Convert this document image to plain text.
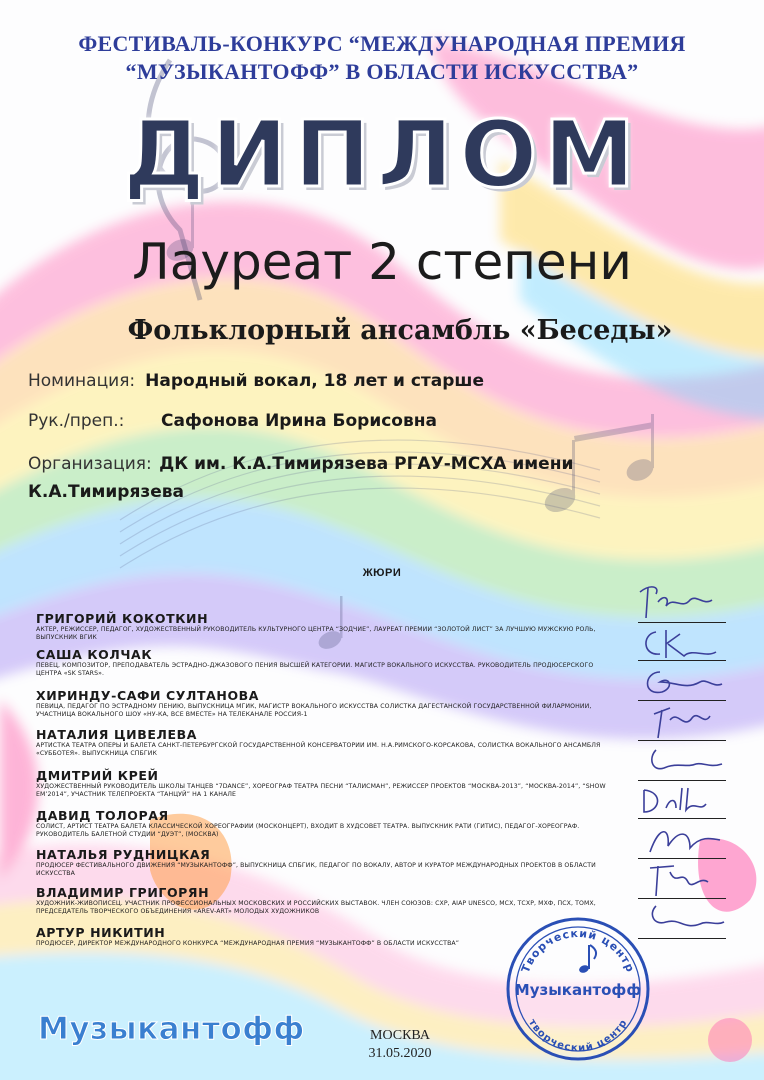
ФЕСТИВАЛЬ-КОНКУРС “МЕЖДУНАРОДНАЯ ПРЕМИЯ
“МУЗЫКАНТОФФ” В ОБЛАСТИ ИСКУССТВА”
ДИПЛОМ
Лауреат 2 степени
Фольклорный ансамбль «Беседы»
Номинация: Народный вокал, 18 лет и старше
Рук./преп.: Сафонова Ирина Борисовна
Организация: ДК им. К.А.Тимирязева РГАУ-МСХА имени
К.А.Тимирязева
ЖЮРИ
ГРИГОРИЙ КОКОТКИН
АКТЕР, РЕЖИССЕР, ПЕДАГОГ, ХУДОЖЕСТВЕННЫЙ РУКОВОДИТЕЛЬ КУЛЬТУРНОГО ЦЕНТРА “ЗОДЧИЕ”, ЛАУРЕАТ ПРЕМИИ “ЗОЛОТОЙ ЛИСТ” ЗА ЛУЧШУЮ МУЖСКУЮ РОЛЬ, ВЫПУСКНИК ВГИК
САША КОЛЧАК
ПЕВЕЦ, КОМПОЗИТОР, ПРЕПОДАВАТЕЛЬ ЭСТРАДНО-ДЖАЗОВОГО ПЕНИЯ ВЫСШЕЙ КАТЕГОРИИ. МАГИСТР ВОКАЛЬНОГО ИСКУССТВА. РУКОВОДИТЕЛЬ ПРОДЮСЕРСКОГО ЦЕНТРА «SK STARS».
ХИРИНДУ-САФИ СУЛТАНОВА
ПЕВИЦА, ПЕДАГОГ ПО ЭСТРАДНОМУ ПЕНИЮ, ВЫПУСКНИЦА МГИК, МАГИСТР ВОКАЛЬНОГО ИСКУССТВА СОЛИСТКА ДАГЕСТАНСКОЙ ГОСУДАРСТВЕННОЙ ФИЛАРМОНИИ, УЧАСТНИЦА ВОКАЛЬНОГО ШОУ «НУ-КА, ВСЕ ВМЕСТЕ» НА ТЕЛЕКАНАЛЕ РОССИЯ-1
НАТАЛИЯ ЦИВЕЛЕВА
АРТИСТКА ТЕАТРА ОПЕРЫ И БАЛЕТА САНКТ-ПЕТЕРБУРГСКОЙ ГОСУДАРСТВЕННОЙ КОНСЕРВАТОРИИ ИМ. Н.А.РИМСКОГО-КОРСАКОВА, СОЛИСТКА ВОКАЛЬНОГО АНСАМБЛЯ «СУББОТЕЯ». ВЫПУСКНИЦА СПБГИК
ДМИТРИЙ КРЕЙ
ХУДОЖЕСТВЕННЫЙ РУКОВОДИТЕЛЬ ШКОЛЫ ТАНЦЕВ “7DANCE”, ХОРЕОГРАФ ТЕАТРА ПЕСНИ “ТАЛИСМАН”, РЕЖИССЕР ПРОЕКТОВ “МОСКВА-2013”, “МОСКВА-2014”, “SHOW EM’2014”, УЧАСТНИК ТЕЛЕПРОЕКТА “ТАНЦУЙ” НА 1 КАНАЛЕ
ДАВИД ТОЛОРАЯ
СОЛИСТ, АРТИСТ ТЕАТРА БАЛЕТА КЛАССИЧЕСКОЙ ХОРЕОГРАФИИ (МОСКОНЦЕРТ), ВХОДИТ В ХУДСОВЕТ ТЕАТРА. ВЫПУСКНИК РАТИ (ГИТИС), ПЕДАГОГ-ХОРЕОГРАФ. РУКОВОДИТЕЛЬ БАЛЕТНОЙ СТУДИИ “ДУЭТ”, (МОСКВА)
НАТАЛЬЯ РУДНИЦКАЯ
ПРОДЮСЕР ФЕСТИВАЛЬНОГО ДВИЖЕНИЯ “МУЗЫКАНТОФФ”, ВЫПУСКНИЦА СПБГИК, ПЕДАГОГ ПО ВОКАЛУ, АВТОР И КУРАТОР МЕЖДУНАРОДНЫХ ПРОЕКТОВ В ОБЛАСТИ ИСКУССТВА
ВЛАДИМИР ГРИГОРЯН
ХУДОЖНИК-ЖИВОПИСЕЦ. УЧАСТНИК ПРОФЕССИОНАЛЬНЫХ МОСКОВСКИХ И РОССИЙСКИХ ВЫСТАВОК. ЧЛЕН СОЮЗОВ: СХР, AIAP UNESCO, МСХ, ТСХР, МХФ, ПСХ, ТОМХ, ПРЕДСЕДАТЕЛЬ ТВОРЧЕСКОГО ОБЪЕДИНЕНИЯ «AREV-ART» МОЛОДЫХ ХУДОЖНИКОВ
АРТУР НИКИТИН
ПРОДЮСЕР, ДИРЕКТОР МЕЖДУНАРОДНОГО КОНКУРСА “МЕЖДУНАРОДНАЯ ПРЕМИЯ “МУЗЫКАНТОФФ” В ОБЛАСТИ ИСКУССТВА”
Творческий центр
творческий центр
Музыкантофф
Музыкантофф	МОСКВА
31.05.2020
